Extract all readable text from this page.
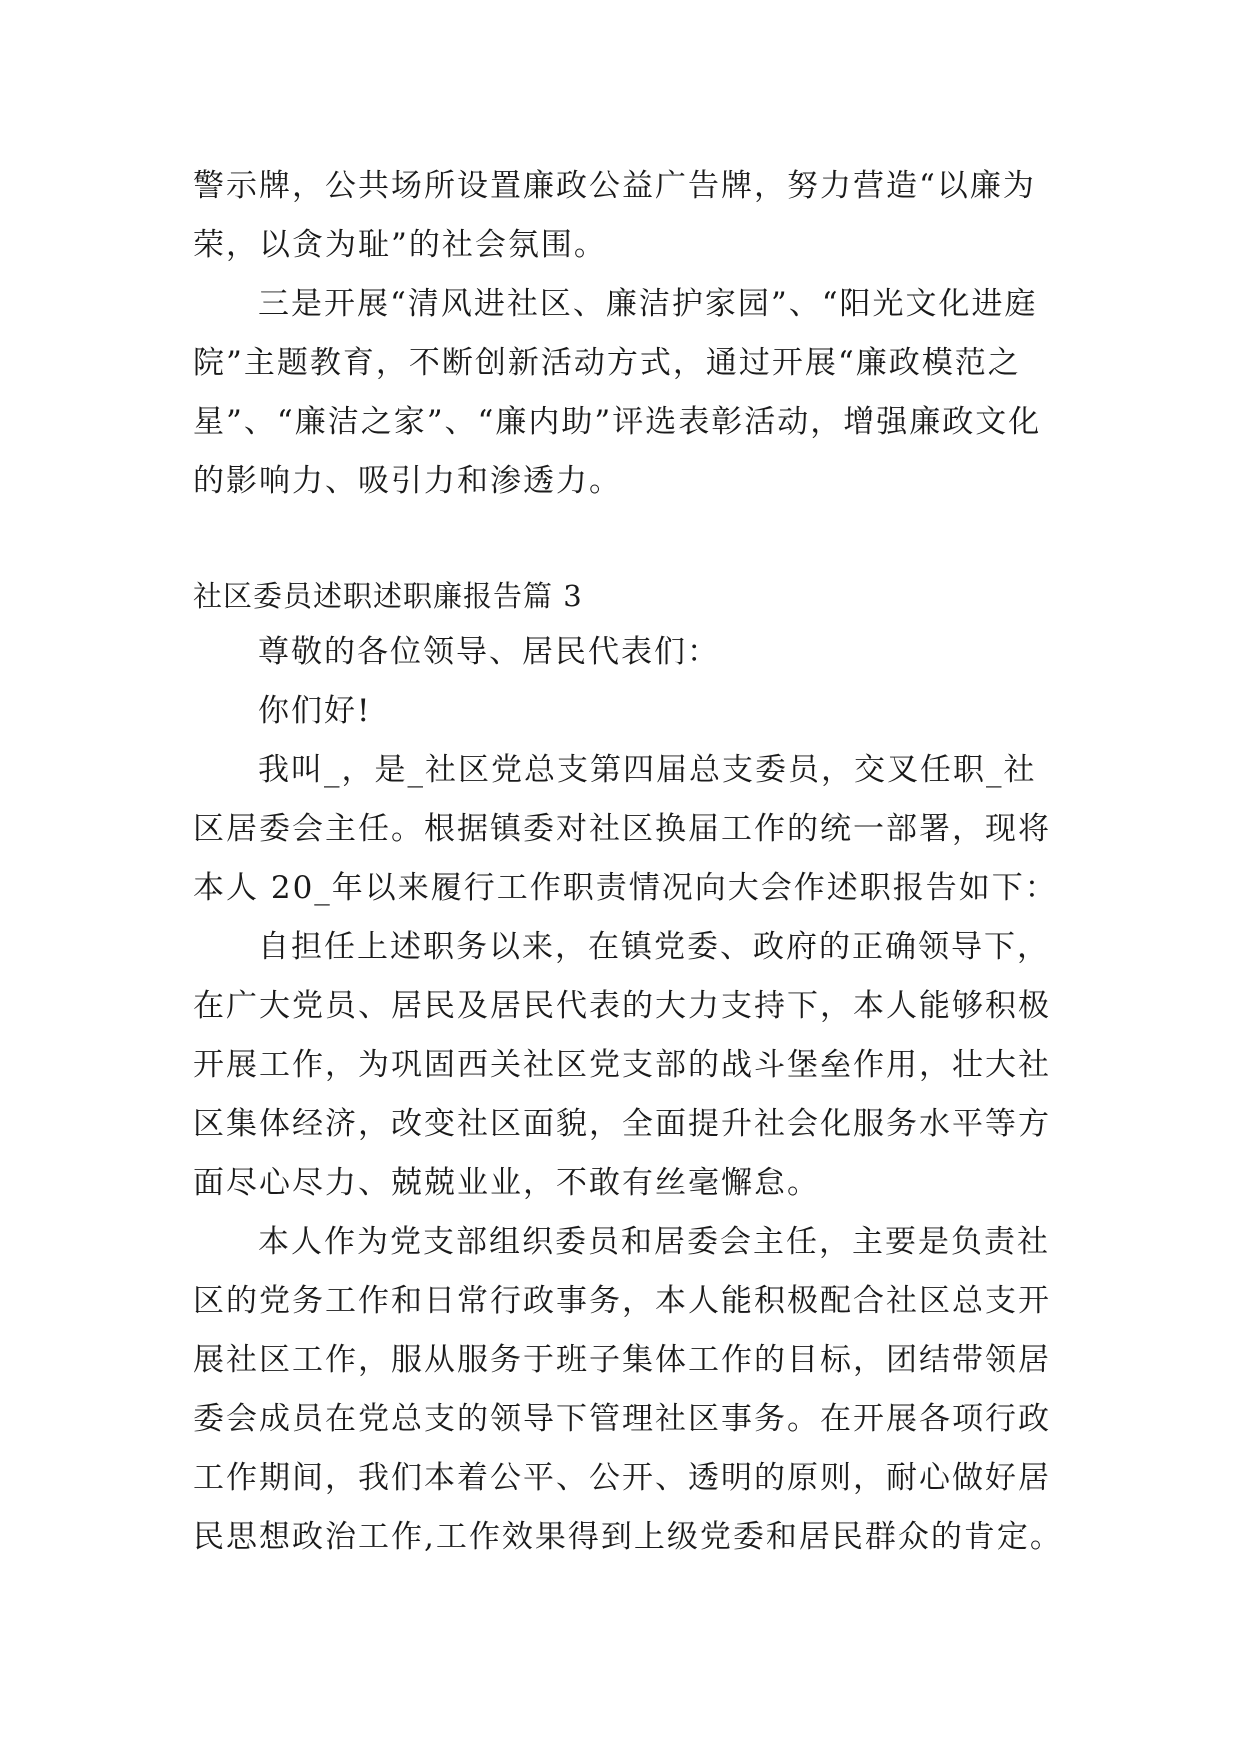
警示牌，公共场所设置廉政公益广告牌，努力营造“以廉为
荣，以贪为耻”的社会氛围。
三是开展“清风进社区、廉洁护家园”、“阳光文化进庭
院”主题教育，不断创新活动方式，通过开展“廉政模范之
星”、“廉洁之家”、“廉内助”评选表彰活动，增强廉政文化
的影响力、吸引力和渗透力。
社区委员述职述职廉报告篇 3
尊敬的各位领导、居民代表们：
你们好!
我叫_，是_社区党总支第四届总支委员，交叉任职_社
区居委会主任。根据镇委对社区换届工作的统一部署，现将
本人 20_年以来履行工作职责情况向大会作述职报告如下：
自担任上述职务以来，在镇党委、政府的正确领导下，
在广大党员、居民及居民代表的大力支持下，本人能够积极
开展工作，为巩固西关社区党支部的战斗堡垒作用，壮大社
区集体经济，改变社区面貌，全面提升社会化服务水平等方
面尽心尽力、兢兢业业，不敢有丝毫懈怠。
本人作为党支部组织委员和居委会主任，主要是负责社
区的党务工作和日常行政事务，本人能积极配合社区总支开
展社区工作，服从服务于班子集体工作的目标，团结带领居
委会成员在党总支的领导下管理社区事务。在开展各项行政
工作期间，我们本着公平、公开、透明的原则，耐心做好居
民思想政治工作,工作效果得到上级党委和居民群众的肯定。
